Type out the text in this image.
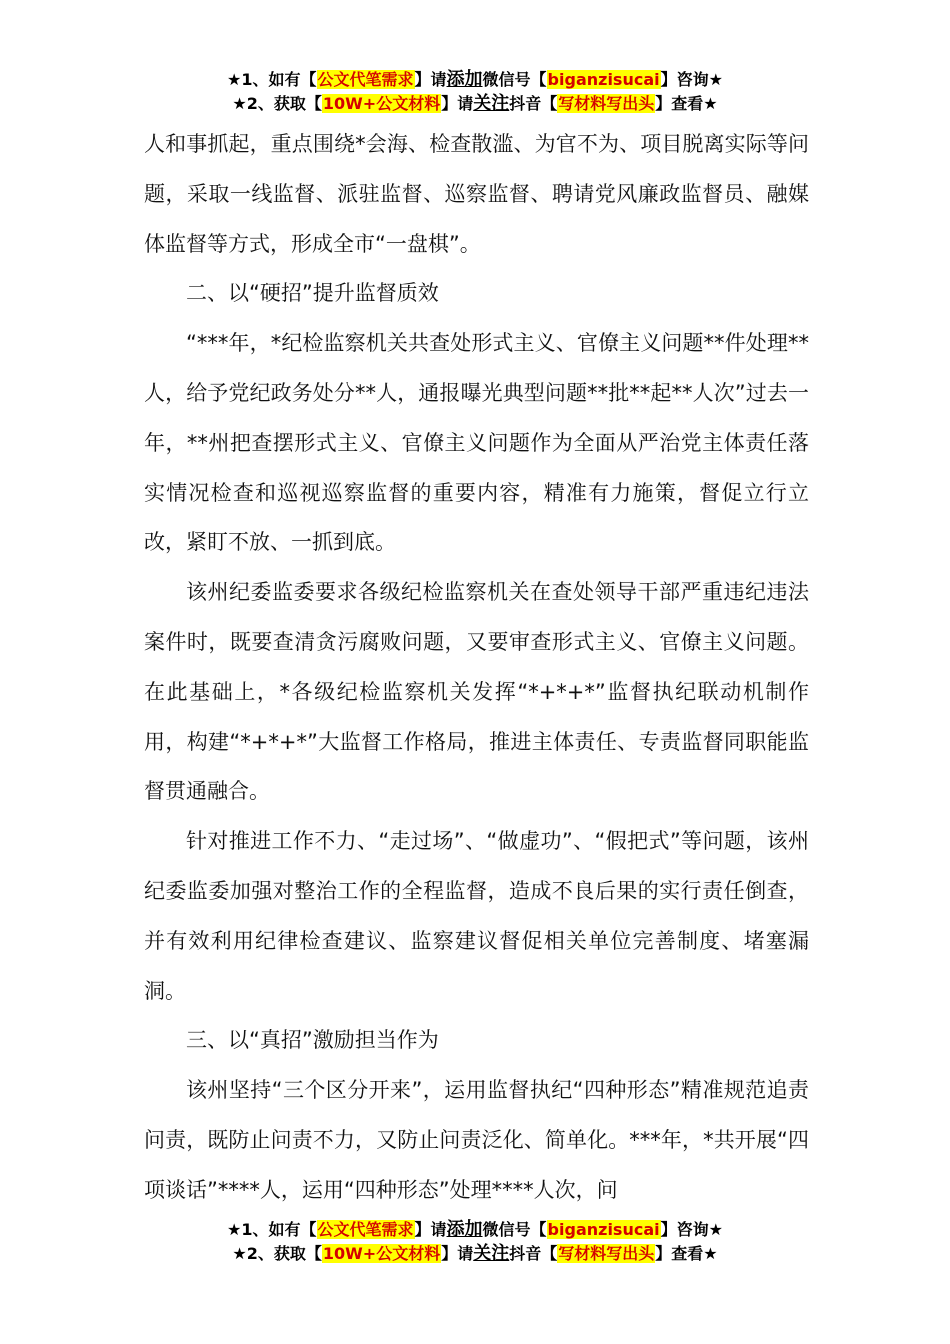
★1、如有【公文代笔需求】请添加微信号【biganzisucai】咨询★
★2、获取【10W+公文材料】请关注抖音【写材料写出头】查看★

人和事抓起，重点围绕*会海、检查散滥、为官不为、项目脱离实际等问题，采取一线监督、派驻监督、巡察监督、聘请党风廉政监督员、融媒体监督等方式，形成全市“一盘棋”。

二、以“硬招”提升监督质效

“***年，*纪检监察机关共查处形式主义、官僚主义问题**件处理**人，给予党纪政务处分**人，通报曝光典型问题**批**起**人次”过去一年，**州把查摆形式主义、官僚主义问题作为全面从严治党主体责任落实情况检查和巡视巡察监督的重要内容，精准有力施策，督促立行立改，紧盯不放、一抓到底。

该州纪委监委要求各级纪检监察机关在查处领导干部严重违纪违法案件时，既要查清贪污腐败问题，又要审查形式主义、官僚主义问题。在此基础上，*各级纪检监察机关发挥“*+*+*”监督执纪联动机制作用，构建“*+*+*”大监督工作格局，推进主体责任、专责监督同职能监督贯通融合。

针对推进工作不力、“走过场”、“做虚功”、“假把式”等问题，该州纪委监委加强对整治工作的全程监督，造成不良后果的实行责任倒查，并有效利用纪律检查建议、监察建议督促相关单位完善制度、堵塞漏洞。

三、以“真招”激励担当作为

该州坚持“三个区分开来”，运用监督执纪“四种形态”精准规范追责问责，既防止问责不力，又防止问责泛化、简单化。***年，*共开展“四项谈话”****人，运用“四种形态”处理****人次，问

★1、如有【公文代笔需求】请添加微信号【biganzisucai】咨询★
★2、获取【10W+公文材料】请关注抖音【写材料写出头】查看★
